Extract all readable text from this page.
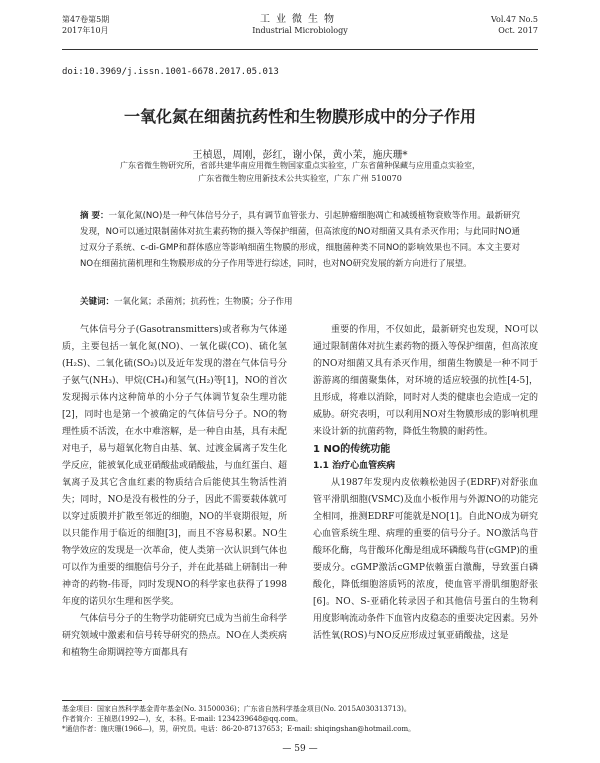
第47卷第5期
2017年10月
工业微生物
Industrial Microbiology
Vol.47 No.5
Oct. 2017
doi:10.3969/j.issn.1001-6678.2017.05.013
一氧化氮在细菌抗药性和生物膜形成中的分子作用
王楨恩，周刚，彭红，谢小保，黄小茉，施庆珊*
广东省微生物研究所，省部共建华南应用微生物国家重点实验室，广东省菌种保藏与应用重点实验室，
广东省微生物应用新技术公共实验室，广东 广州 510070
摘 要：一氧化氮(NO)是一种气体信号分子，具有调节血管张力、引起肿瘤细胞凋亡和减缓植物衰败等作用。最新研究发现，NO可以通过限制菌体对抗生素药物的摄入等保护细菌，但高浓度的NO对细菌又具有杀灭作用；与此同时NO通过双分子系统、c-di-GMP和群体感应等影响细菌生物膜的形成，细胞菌种类不同NO的影响效果也不同。本文主要对NO在细菌抗菌机理和生物膜形成的分子作用等进行综述，同时，也对NO研究发展的新方向进行了展望。
关键词：一氧化氮；杀菌剂；抗药性；生物膜；分子作用

气体信号分子(Gasotransmitters)或者称为气体递质，主要包括一氧化氮(NO)、一氧化碳(CO)、硫化氢(H₂S)、二氧化硫(SO₂)以及近年发现的潜在气体信号分子氨气(NH₃)、甲烷(CH₄)和氢气(H₂)等[1]，NO的首次发现揭示体内这种简单的小分子气体调节复杂生理功能[2]，同时也是第一个被确定的气体信号分子。NO的物理性质不活泼，在水中难溶解，是一种自由基，具有未配对电子，易与超氧化物自由基、氧、过渡金属离子发生化学反应，能被氧化成亚硝酸盐或硝酸盐，与血红蛋白、超氧离子及其它含血红素的物质结合后能使其生物活性消失；同时，NO是没有极性的分子，因此不需要载体就可以穿过质膜并扩散至邻近的细胞，NO的半衰期很短，所以只能作用于临近的细胞[3]，而且不容易积累。NO生物学效应的发现是一次革命，使人类第一次认识到气体也可以作为重要的细胞信号分子，并在此基础上研制出一种神奇的药物-伟哥，同时发现NO的科学家也获得了1998年度的诺贝尔生理和医学奖。

气体信号分子的生物学功能研究已成为当前生命科学研究领域中激素和信号转导研究的热点。NO在人类疾病和植物生命期调控等方面都具有

重要的作用，不仅如此，最新研究也发现，NO可以通过限制菌体对抗生素药物的摄入等保护细菌，但高浓度的NO对细菌又具有杀灭作用，细菌生物膜是一种不同于游游离的细菌聚集体，对环境的适应较强的抗性[4-5]，且形成，将难以消除，同时对人类的健康也会造成一定的威胁。研究表明，可以利用NO对生物膜形成的影响机理来设计新的抗菌药物，降低生物膜的耐药性。

1 NO的传统功能

1.1 治疗心血管疾病

从1987年发现内皮依赖松弛因子(EDRF)对舒张血管平滑肌细胞(VSMC)及血小板作用与外源NO的功能完全相同，推测EDRF可能就是NO[1]。自此NO成为研究心血管系统生理、病理的重要的信号分子。NO激活鸟苷酸环化酶，鸟苷酸环化酶是组成环磷酸鸟苷(cGMP)的重要成分。cGMP激活cGMP依赖蛋白激酶，导致蛋白磷酸化，降低细胞溶质钙的浓度，使血管平滑肌细胞舒张[6]。NO、S-亚硝化转录因子和其他信号蛋白的生物利用度影响流动条件下血管内皮稳态的重要决定因素。另外活性氧(ROS)与NO反应形成过氧亚硝酸盐，这是

基金项目：国家自然科学基金青年基金(No. 31500036)；广东省自然科学基金项目(No. 2015A030313713)。
作者简介：王楨恩(1992—)，女，本科。E-mail: 1234239648@qq.com。
*通信作者：施庆珊(1966—)，男，研究员。电话：86-20-87137653；E-mail: shiqingshan@hotmail.com。
— 59 —
